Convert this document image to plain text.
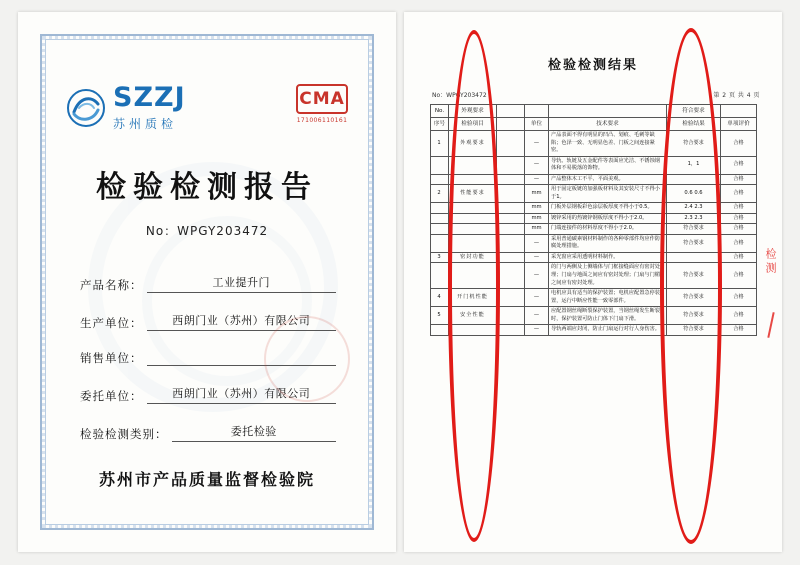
SZZJ
苏州质检
CMA
171006110161
检验检测报告
No：WPGY203472
产品名称：	工业提升门
生产单位：	西朗门业（苏州）有限公司
销售单位：
委托单位：	西朗门业（苏州）有限公司
检验检测类别：	委托检验
苏州市产品质量监督检验院
检验检测结果
No：WPGY203472	第 2 页 共 4 页
No.	外观要求				符合要求	
序号	检验项目		单位	技术要求	检验结果	单项评价
1	外观要求		—	产品表面不得有明显的凹凸、划痕、毛刺等缺陷；色泽一致、无明显色差、门板之间连接紧密。	符合要求	合格
			—	导轨、轨链及五金配件等表面应光洁、不锈蚀钢体和不易脱落的饰物。	1，1	合格
			—	产品整体木工不平、平面美观。		合格
2	性能要求		mm	用于固定板链的加强板材料及其安装尺寸不得小于1。	0.6 0.6	合格
			mm	门板外层钢板彩色涂层板厚度不得小于0.5。	2.4 2.3	合格
			mm	镀锌采用的热镀锌钢板厚度不得小于2.0。	2.3 2.3	合格
			mm	门端连接件的材料厚度不得小于2.0。	符合要求	合格
			—	采用普通碳素钢材料制作的各种零部件均应作防腐处理措施。	符合要求	合格
3	密封功能		—	采光窗应采用透明材料制作。		合格
			—	的门与两侧及上侧墙体与门框接缝面应有密封处理；门扇与地面之间应有密封处理；门扇与门楣之间应有密封处理。	符合要求	合格
4	开门机性能		—	电机应具有适当的保护装置；电机应配置急停装置，运行中断应性能一致零部件。	符合要求	合格
5	安全性能		—	应配置钢丝绳断裂保护装置，当钢丝绳发生断裂时，保护装置可防止门体下门扇下滑。	符合要求	合格
			—	导轨两端应封闭，防止门扇运行对行人身伤害。	符合要求	合格
检测
